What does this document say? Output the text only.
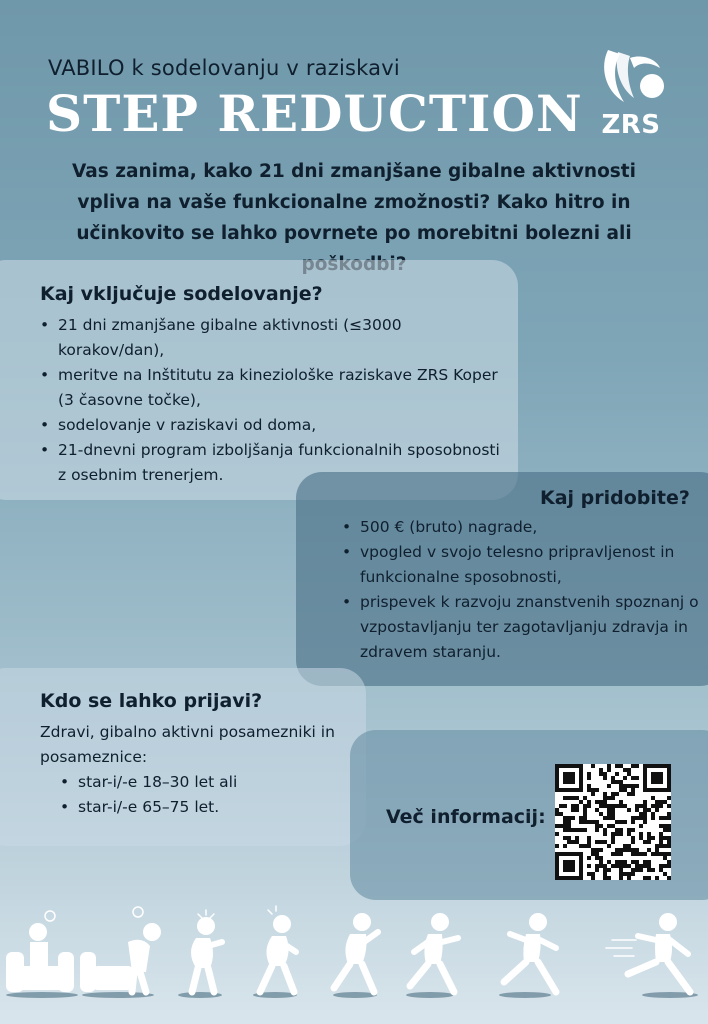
VABILO k sodelovanju v raziskavi
STEP REDUCTION ZRS
Vas zanima, kako 21 dni zmanjšane gibalne aktivnosti vpliva na vaše funkcionalne zmožnosti? Kako hitro in učinkovito se lahko povrnete po morebitni bolezni ali
Kaj vključuje sodelovanje?
• 21 dni zmanjšane gibalne aktivnosti (≤3000 korakov/dan),
• meritve na Inštitutu za kineziološke raziskave ZRS Koper (3 časovne točke),
• sodelovanje v raziskavi od doma,
• 21-dnevni program izboljšanja funkcionalnih sposobnosti z osebnim trenerjem.
Kaj pridobite?
• 500 € (bruto) nagrade,
• vpogled v svojo telesno pripravljenost in funkcionalne sposobnosti,
• prispevek k razvoju znanstvenih spoznanj o vzpostavljanju ter zagotavljanju zdravja in zdravem staranju.
Kdo se lahko prijavi?
Zdravi, gibalno aktivni posamezniki in posameznice:
• star-i/-e 18–30 let ali
• star-i/-e 65–75 let.	Več informacij:
